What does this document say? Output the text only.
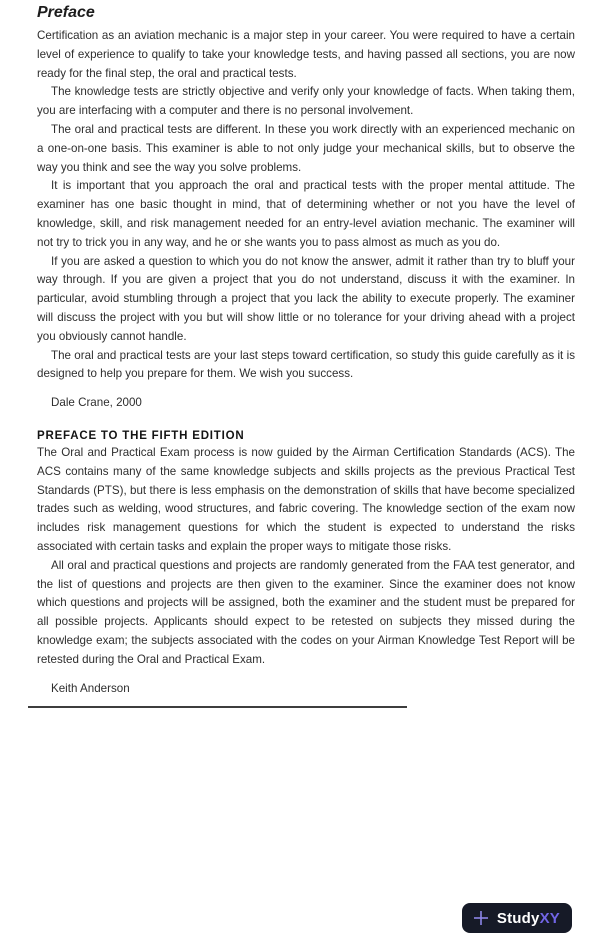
Preface

Certification as an aviation mechanic is a major step in your career. You were required to have a certain level of experience to qualify to take your knowledge tests, and having passed all sections, you are now ready for the final step, the oral and practical tests.

The knowledge tests are strictly objective and verify only your knowledge of facts. When taking them, you are interfacing with a computer and there is no personal involvement.

The oral and practical tests are different. In these you work directly with an experienced mechanic on a one-on-one basis. This examiner is able to not only judge your mechanical skills, but to observe the way you think and see the way you solve problems.

It is important that you approach the oral and practical tests with the proper mental attitude. The examiner has one basic thought in mind, that of determining whether or not you have the level of knowledge, skill, and risk management needed for an entry-level aviation mechanic. The examiner will not try to trick you in any way, and he or she wants you to pass almost as much as you do.

If you are asked a question to which you do not know the answer, admit it rather than try to bluff your way through. If you are given a project that you do not understand, discuss it with the examiner. In particular, avoid stumbling through a project that you lack the ability to execute properly. The examiner will discuss the project with you but will show little or no tolerance for your driving ahead with a project you obviously cannot handle.

The oral and practical tests are your last steps toward certification, so study this guide carefully as it is designed to help you prepare for them. We wish you success.

Dale Crane, 2000

PREFACE TO THE FIFTH EDITION

The Oral and Practical Exam process is now guided by the Airman Certification Standards (ACS). The ACS contains many of the same knowledge subjects and skills projects as the previous Practical Test Standards (PTS), but there is less emphasis on the demonstration of skills that have become specialized trades such as welding, wood structures, and fabric covering. The knowledge section of the exam now includes risk management questions for which the student is expected to understand the risks associated with certain tasks and explain the proper ways to mitigate those risks.

All oral and practical questions and projects are randomly generated from the FAA test generator, and the list of questions and projects are then given to the examiner. Since the examiner does not know which questions and projects will be assigned, both the examiner and the student must be prepared for all possible projects. Applicants should expect to be retested on subjects they missed during the knowledge exam; the subjects associated with the codes on your Airman Knowledge Test Report will be retested during the Oral and Practical Exam.

Keith Anderson

StudyXY
